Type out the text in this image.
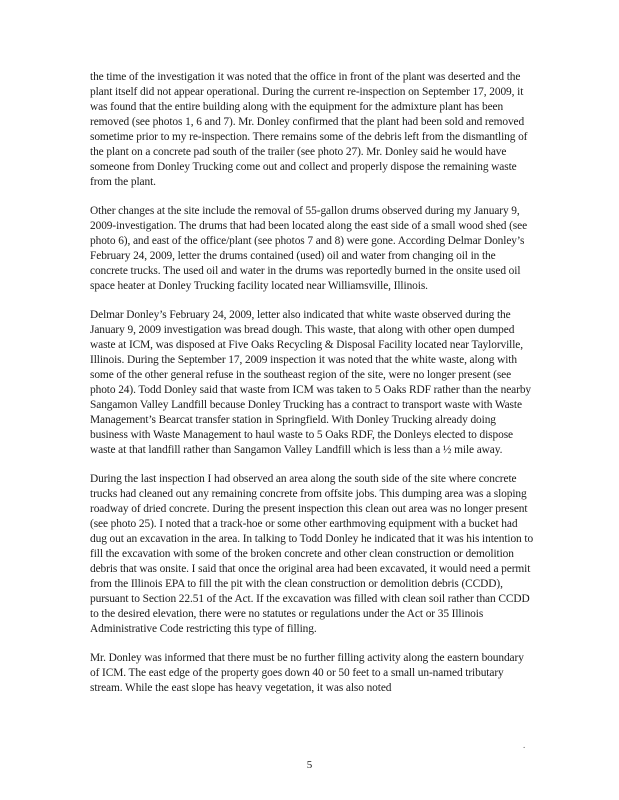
the time of the investigation it was noted that the office in front of the plant was deserted and the plant itself did not appear operational. During the current re-inspection on September 17, 2009, it was found that the entire building along with the equipment for the admixture plant has been removed (see photos 1, 6 and 7). Mr. Donley confirmed that the plant had been sold and removed sometime prior to my re-inspection. There remains some of the debris left from the dismantling of the plant on a concrete pad south of the trailer (see photo 27). Mr. Donley said he would have someone from Donley Trucking come out and collect and properly dispose the remaining waste from the plant.

Other changes at the site include the removal of 55-gallon drums observed during my January 9, 2009-investigation. The drums that had been located along the east side of a small wood shed (see photo 6), and east of the office/plant (see photos 7 and 8) were gone. According Delmar Donley’s February 24, 2009, letter the drums contained (used) oil and water from changing oil in the concrete trucks. The used oil and water in the drums was reportedly burned in the onsite used oil space heater at Donley Trucking facility located near Williamsville, Illinois.

Delmar Donley’s February 24, 2009, letter also indicated that white waste observed during the January 9, 2009 investigation was bread dough. This waste, that along with other open dumped waste at ICM, was disposed at Five Oaks Recycling & Disposal Facility located near Taylorville, Illinois. During the September 17, 2009 inspection it was noted that the white waste, along with some of the other general refuse in the southeast region of the site, were no longer present (see photo 24). Todd Donley said that waste from ICM was taken to 5 Oaks RDF rather than the nearby Sangamon Valley Landfill because Donley Trucking has a contract to transport waste with Waste Management’s Bearcat transfer station in Springfield. With Donley Trucking already doing business with Waste Management to haul waste to 5 Oaks RDF, the Donleys elected to dispose waste at that landfill rather than Sangamon Valley Landfill which is less than a ½ mile away.

During the last inspection I had observed an area along the south side of the site where concrete trucks had cleaned out any remaining concrete from offsite jobs. This dumping area was a sloping roadway of dried concrete. During the present inspection this clean out area was no longer present (see photo 25). I noted that a track-hoe or some other earthmoving equipment with a bucket had dug out an excavation in the area. In talking to Todd Donley he indicated that it was his intention to fill the excavation with some of the broken concrete and other clean construction or demolition debris that was onsite. I said that once the original area had been excavated, it would need a permit from the Illinois EPA to fill the pit with the clean construction or demolition debris (CCDD), pursuant to Section 22.51 of the Act. If the excavation was filled with clean soil rather than CCDD to the desired elevation, there were no statutes or regulations under the Act or 35 Illinois Administrative Code restricting this type of filling.

Mr. Donley was informed that there must be no further filling activity along the eastern boundary of ICM. The east edge of the property goes down 40 or 50 feet to a small un-named tributary stream. While the east slope has heavy vegetation, it was also noted

.
5
